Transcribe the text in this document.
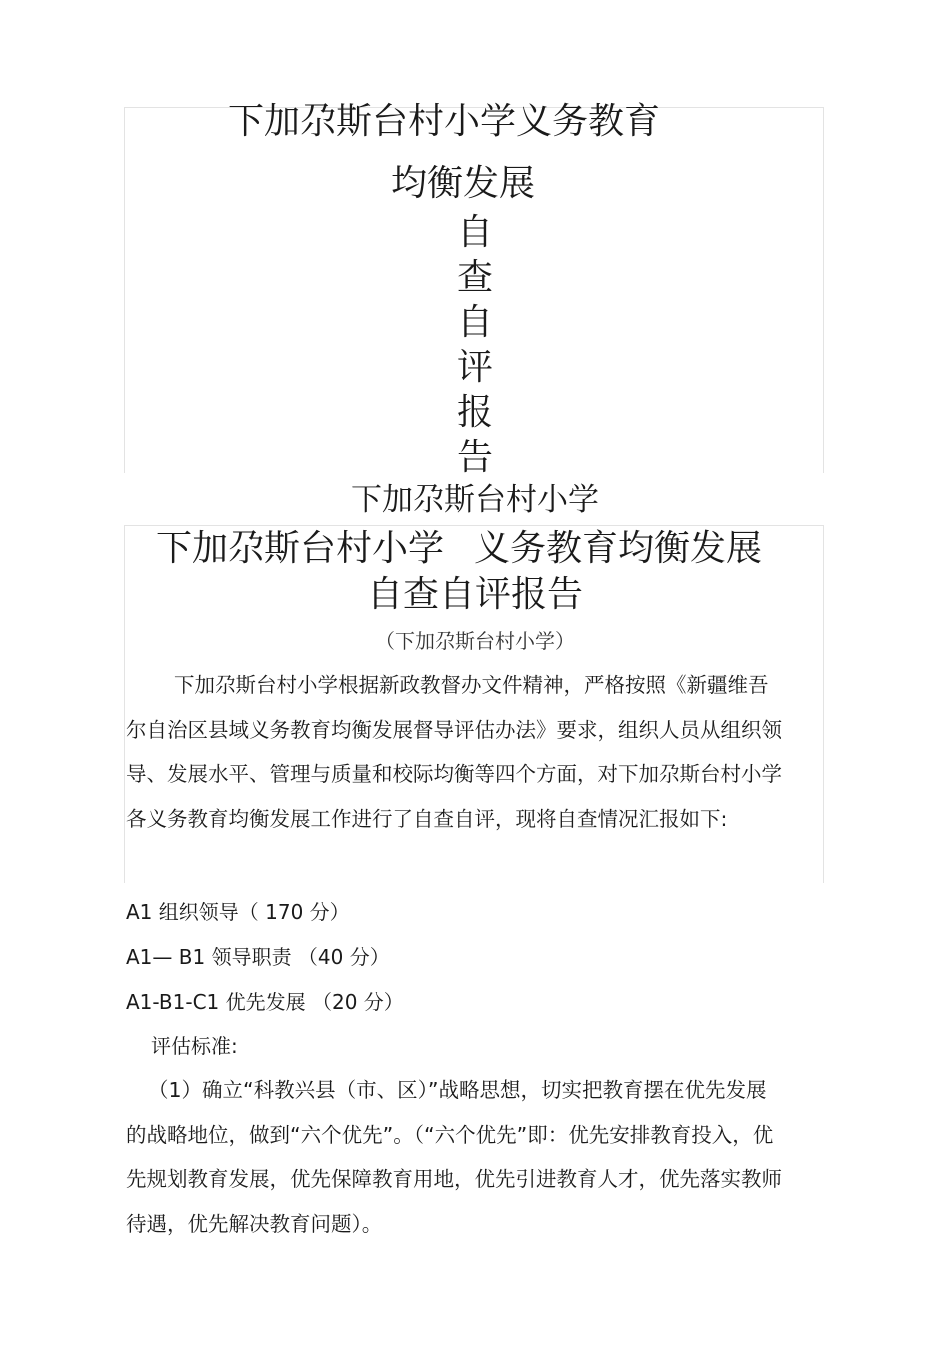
下加尕斯台村小学义务教育
均衡发展
自
查
自
评
报
告
下加尕斯台村小学
下加尕斯台村小学 义务教育均衡发展
自查自评报告
（下加尕斯台村小学）

下加尕斯台村小学根据新政教督办文件精神，严格按照《新疆维吾尔自治区县域义务教育均衡发展督导评估办法》要求，组织人员从组织领导、发展水平、管理与质量和校际均衡等四个方面，对下加尕斯台村小学各义务教育均衡发展工作进行了自查自评，现将自查情况汇报如下:

A1 组织领导（ 170 分）
A1— B1 领导职责 （40 分）
A1-B1-C1 优先发展 （20 分）
评估标准:

（1）确立“科教兴县（市、区）”战略思想，切实把教育摆在优先发展的战略地位，做到“六个优先”。（“六个优先”即：优先安排教育投入，优先规划教育发展，优先保障教育用地，优先引进教育人才，优先落实教师待遇，优先解决教育问题）。
